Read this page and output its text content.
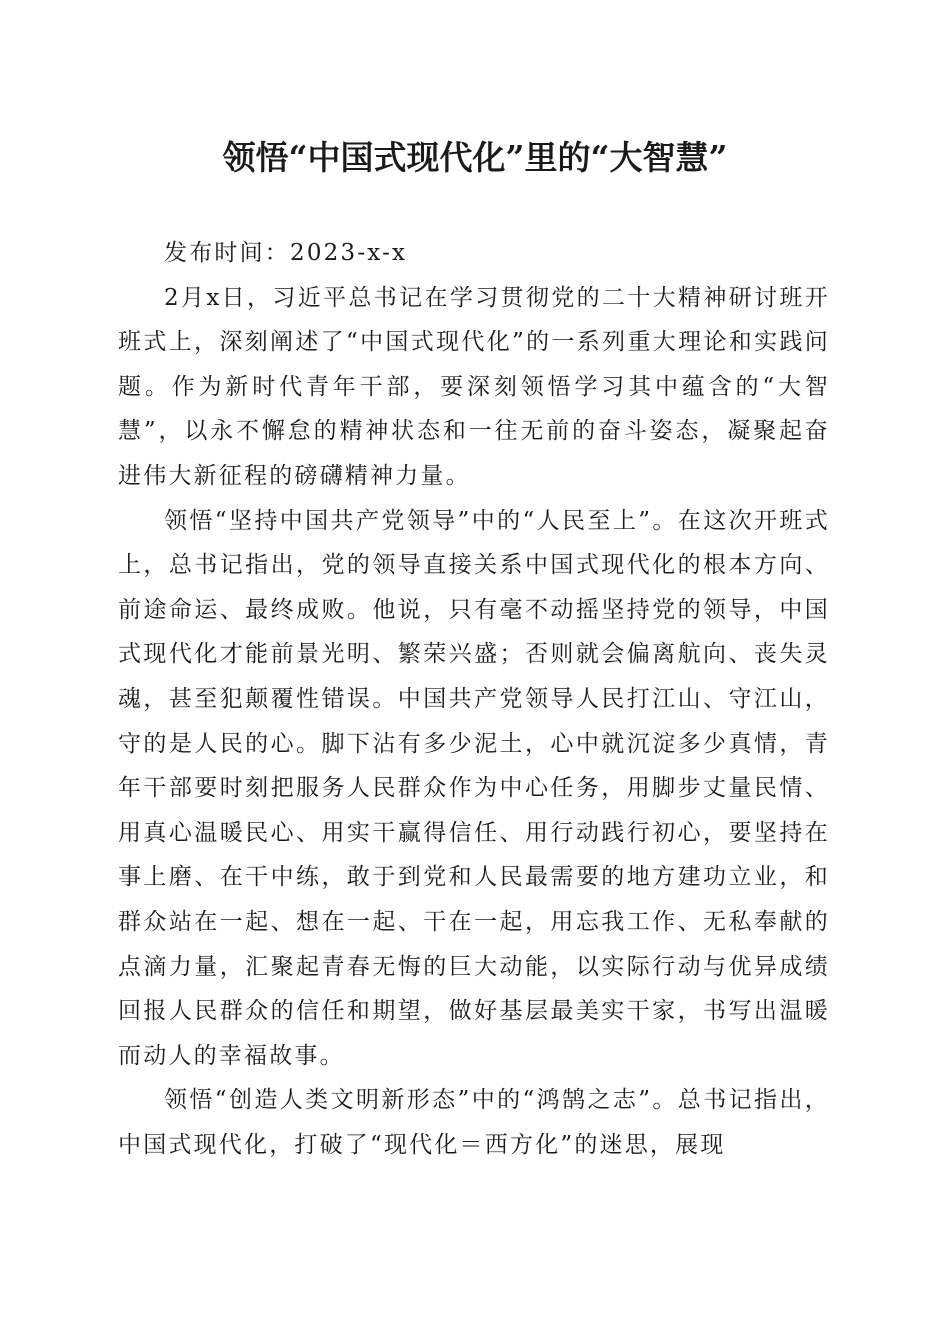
领悟“中国式现代化”里的“大智慧”

发布时间：2023-x-x

2月x日，习近平总书记在学习贯彻党的二十大精神研讨班开班式上，深刻阐述了“中国式现代化”的一系列重大理论和实践问题。作为新时代青年干部，要深刻领悟学习其中蕴含的“大智慧”，以永不懈怠的精神状态和一往无前的奋斗姿态，凝聚起奋进伟大新征程的磅礴精神力量。

领悟“坚持中国共产党领导”中的“人民至上”。在这次开班式上，总书记指出，党的领导直接关系中国式现代化的根本方向、前途命运、最终成败。他说，只有毫不动摇坚持党的领导，中国式现代化才能前景光明、繁荣兴盛；否则就会偏离航向、丧失灵魂，甚至犯颠覆性错误。中国共产党领导人民打江山、守江山，守的是人民的心。脚下沾有多少泥土，心中就沉淀多少真情，青年干部要时刻把服务人民群众作为中心任务，用脚步丈量民情、用真心温暖民心、用实干赢得信任、用行动践行初心，要坚持在事上磨、在干中练，敢于到党和人民最需要的地方建功立业，和群众站在一起、想在一起、干在一起，用忘我工作、无私奉献的点滴力量，汇聚起青春无悔的巨大动能，以实际行动与优异成绩回报人民群众的信任和期望，做好基层最美实干家，书写出温暖而动人的幸福故事。

领悟“创造人类文明新形态”中的“鸿鹄之志”。总书记指出，中国式现代化，打破了“现代化＝西方化”的迷思，展现
